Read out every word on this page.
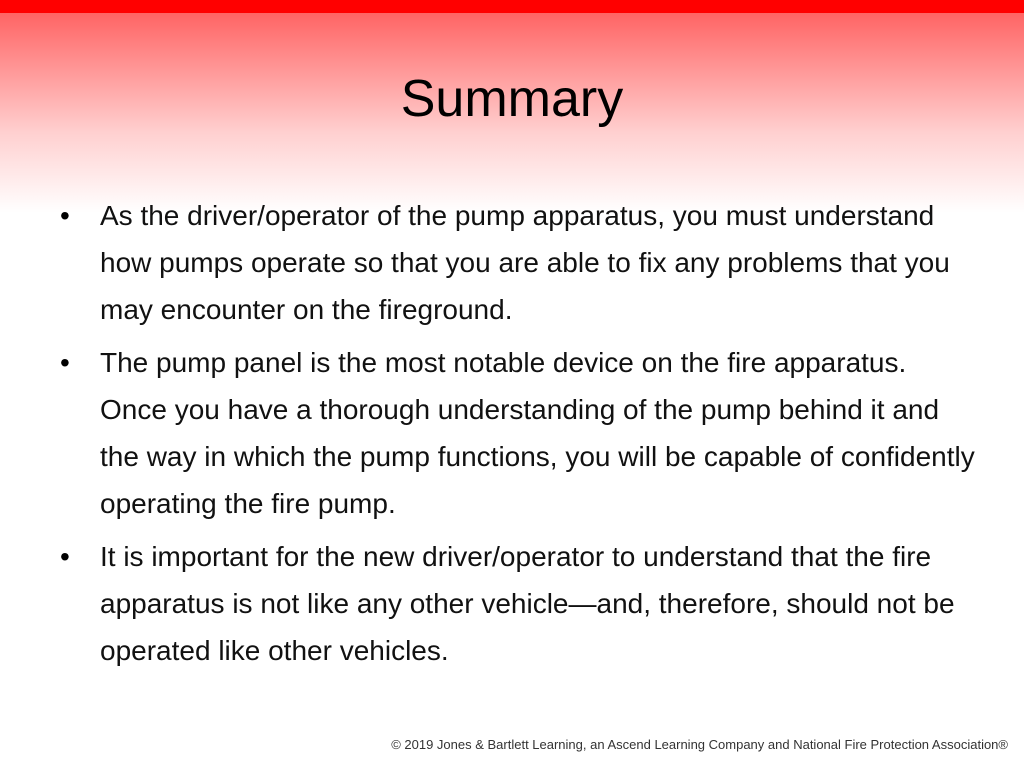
Summary
• As the driver/operator of the pump apparatus, you must understand how pumps operate so that you are able to fix any problems that you may encounter on the fireground.
• The pump panel is the most notable device on the fire apparatus. Once you have a thorough understanding of the pump behind it and the way in which the pump functions, you will be capable of confidently operating the fire pump.
• It is important for the new driver/operator to understand that the fire apparatus is not like any other vehicle—and, therefore, should not be operated like other vehicles.
© 2019 Jones & Bartlett Learning, an Ascend Learning Company and National Fire Protection Association®
